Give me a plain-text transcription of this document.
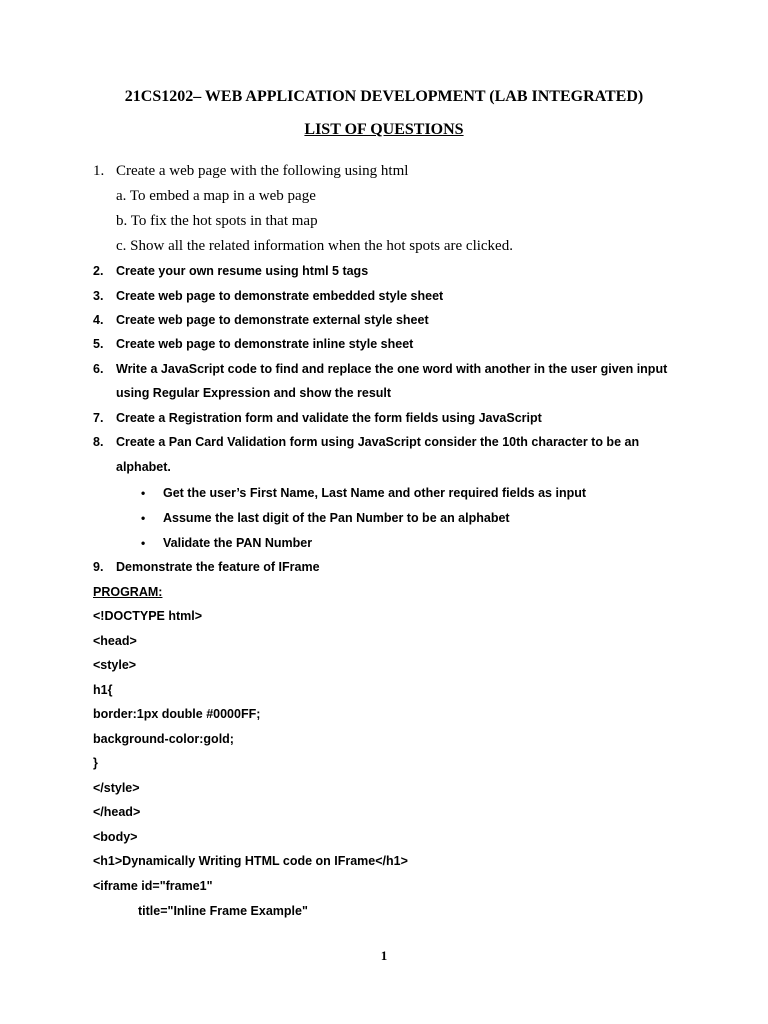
21CS1202– WEB APPLICATION DEVELOPMENT (LAB INTEGRATED)
LIST OF QUESTIONS
1. Create a web page with the following using html
a. To embed a map in a web page
b. To fix the hot spots in that map
c. Show all the related information when the hot spots are clicked.
2. Create your own resume using html 5 tags
3. Create web page to demonstrate embedded style sheet
4. Create web page to demonstrate external style sheet
5. Create web page to demonstrate inline style sheet
6. Write a JavaScript code to find and replace the one word with another in the user given input
using Regular Expression and show the result
7. Create a Registration form and validate the form fields using JavaScript
8. Create a Pan Card Validation form using JavaScript consider the 10th character to be an
alphabet.
• Get the user’s First Name, Last Name and other required fields as input
• Assume the last digit of the Pan Number to be an alphabet
• Validate the PAN Number
9. Demonstrate the feature of IFrame
PROGRAM:
<!DOCTYPE html>
<head>
<style>
h1{
border:1px double #0000FF;
background-color:gold;
}
</style>
</head>
<body>
<h1>Dynamically Writing HTML code on IFrame</h1>
<iframe id="frame1"
title="Inline Frame Example"
1
